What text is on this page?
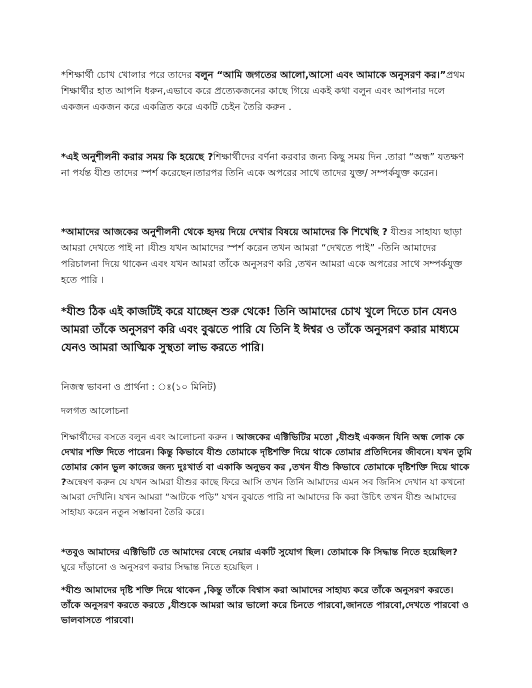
*শিক্ষার্থী চোখ খোলার পরে তাদের বলুন “আমি জগতের আলো,আসো এবং আমাকে অনুসরণ কর।”প্রথম শিক্ষার্থীর হাত আপনি ধরুন,এভাবে করে প্রত্যেকজনের কাছে গিয়ে একই কথা বলুন এবং আপনার দলে একজন একজন করে একত্রিত করে একটি চেইন তৈরি করুন .

*এই অনুশীলনী করার সময় কি হয়েছে ?শিক্ষার্থীদের বর্ণনা করবার জন্য কিছু সময় দিন .তারা “অন্ধ” যতক্ষণ না পর্যন্ত যীশু তাদের স্পর্শ করেছেন।তারপর তিনি একে অপরের সাথে তাদের যুক্ত/ সম্পর্কযুক্ত করেন।

*আমাদের আজকের অনুশীলনী থেকে হৃদয় দিয়ে দেখার বিষয়ে আমাদের কি শিখেছি ? যীশুর সাহায্য ছাড়া আমরা দেখতে পাই না ।যীশু যখন আমাদের স্পর্শ করেন তখন আমরা “দেখতে পাই” -তিনি আমাদের পরিচালনা দিয়ে থাকেন এবং যখন আমরা তাঁকে অনুসরণ করি ,তখন আমরা একে অপরের সাথে সম্পর্কযুক্ত হতে পারি ।

*যীশু ঠিক এই কাজটিই করে যাচ্ছেন শুরু থেকে! তিনি আমাদের চোখ খুলে দিতে চান যেনও আমরা তাঁকে অনুসরণ করি এবং বুঝতে পারি যে তিনি ই ঈশ্বর ও তাঁকে অনুসরণ করার মাধ্যমে যেনও আমরা আত্মিক সুস্থতা লাভ করতে পারি।

নিজস্ব ভাবনা ও প্রার্থনা : ঃ(১০ মিনিট)

দলগত আলোচনা

শিক্ষার্থীদের বসতে বলুন এবং আলোচনা করুন । আজকের এক্টিভিটির মতো ,যীশুই একজন যিনি অন্ধ লোক কে দেখার শক্তি দিতে পারেন। কিন্তু কিভাবে যীশু তোমাকে দৃষ্টিশক্তি দিয়ে থাকে তোমার প্রতিদিনের জীবনে। যখন তুমি তোমার কোন ভুল কাজের জন্য দুঃখার্ত বা একাকি অনুভব কর ,তখন যীশু কিভাবে তোমাকে দৃষ্টিশক্তি দিয়ে থাকে ?অন্বেষণ করুন যে যখন আমরা যীশুর কাছে ফিরে আসি তখন তিনি আমাদের এমন সব জিনিস দেখান যা কখনো আমরা দেখিনি। যখন আমরা “আটকে পড়ি” যখন বুঝতে পারি না আমাদের কি করা উচিৎ তখন যীশু আমাদের সাহায্য করেন নতুন সম্ভাবনা তৈরি করে।

*তবুও আমাদের এক্টিভিটি তে আমাদের বেছে নেয়ার একটি সুযোগ ছিল। তোমাকে কি সিদ্ধান্ত নিতে হয়েছিল? ঘুরে দাঁড়ানো ও অনুসরণ করার সিদ্ধান্ত নিতে হয়েছিল ।

*যীশু আমাদের দৃষ্টি শক্তি দিয়ে থাকেন ,কিন্তু তাঁকে বিশ্বাস করা আমাদের সাহায্য করে তাঁকে অনুসরণ করতে। তাঁকে অনুসরণ করতে করতে ,যীশুকে আমরা আর ভালো করে চিনতে পারবো,জানতে পারবো,দেখতে পারবো ও ভালবাসতে পারবো।
